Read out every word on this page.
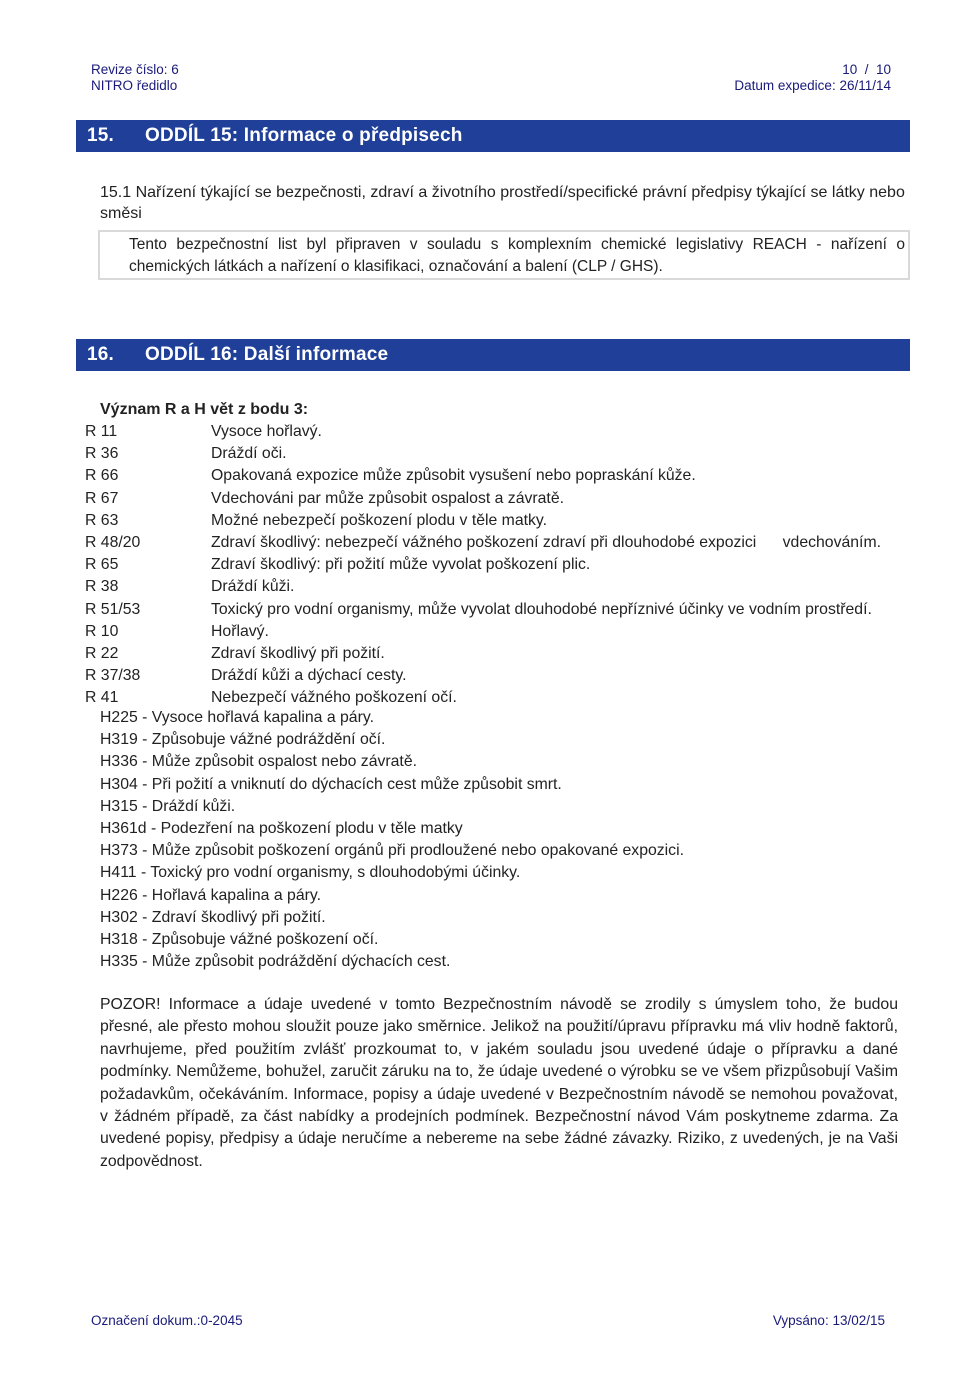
Revize číslo: 6
NITRO ředidlo
10  /  10
Datum expedice: 26/11/14
15. ODDÍL 15: Informace o předpisech
15.1 Nařízení týkající se bezpečnosti, zdraví a životního prostředí/specifické právní předpisy týkající se látky nebo směsi
Tento bezpečnostní list byl připraven v souladu s komplexním chemické legislativy REACH - nařízení o chemických látkách a nařízení o klasifikaci, označování a balení (CLP / GHS).
16. ODDÍL 16: Další informace
Význam R a H vět z bodu 3:
R 11	Vysoce hořlavý.
R 36	Dráždí oči.
R 66	Opakovaná expozice může způsobit vysušení nebo popraskání kůže.
R 67	Vdechováni par může způsobit ospalost a závratě.
R 63	Možné nebezpečí poškození plodu v těle matky.
R 48/20	Zdraví škodlivý: nebezpečí vážného poškození zdraví při dlouhodobé expozici      vdechováním.
R 65	Zdraví škodlivý: při požití může vyvolat poškození plic.
R 38	Dráždí kůži.
R 51/53	Toxický pro vodní organismy, může vyvolat dlouhodobé nepříznivé účinky ve vodním prostředí.
R 10	Hořlavý.
R 22	Zdraví škodlivý při požití.
R 37/38	Dráždí kůži a dýchací cesty.
R 41	Nebezpečí vážného poškození očí.
H225 - Vysoce hořlavá kapalina a páry.
H319 - Způsobuje vážné podráždění očí.
H336 - Může způsobit ospalost nebo závratě.
H304 - Při požití a vniknutí do dýchacích cest může způsobit smrt.
H315 - Dráždí kůži.
H361d - Podezření na poškození plodu v těle matky
H373 - Může způsobit poškození orgánů při prodloužené nebo opakované expozici.
H411 - Toxický pro vodní organismy, s dlouhodobými účinky.
H226 - Hořlavá kapalina a páry.
H302 - Zdraví škodlivý při požití.
H318 - Způsobuje vážné poškození očí.
H335 - Může způsobit podráždění dýchacích cest.
POZOR! Informace a údaje uvedené v tomto Bezpečnostním návodě se zrodily s úmyslem toho, že budou přesné, ale přesto mohou sloužit pouze jako směrnice. Jelikož na použití/úpravu přípravku má vliv hodně faktorů, navrhujeme, před použitím zvlášť prozkoumat to, v jakém souladu jsou uvedené údaje o přípravku a dané podmínky. Nemůžeme, bohužel, zaručit záruku na to, že údaje uvedené o výrobku se ve všem přizpůsobují Vašim požadavkům, očekáváním. Informace, popisy a údaje uvedené v Bezpečnostním návodě se nemohou považovat, v žádném případě, za část nabídky a prodejních podmínek. Bezpečnostní návod Vám poskytneme zdarma. Za uvedené popisy, předpisy a údaje neručíme a nebereme na sebe žádné závazky. Riziko, z uvedených, je na Vaši zodpovědnost.
Označení dokum.:0-2045	Vypsáno: 13/02/15
